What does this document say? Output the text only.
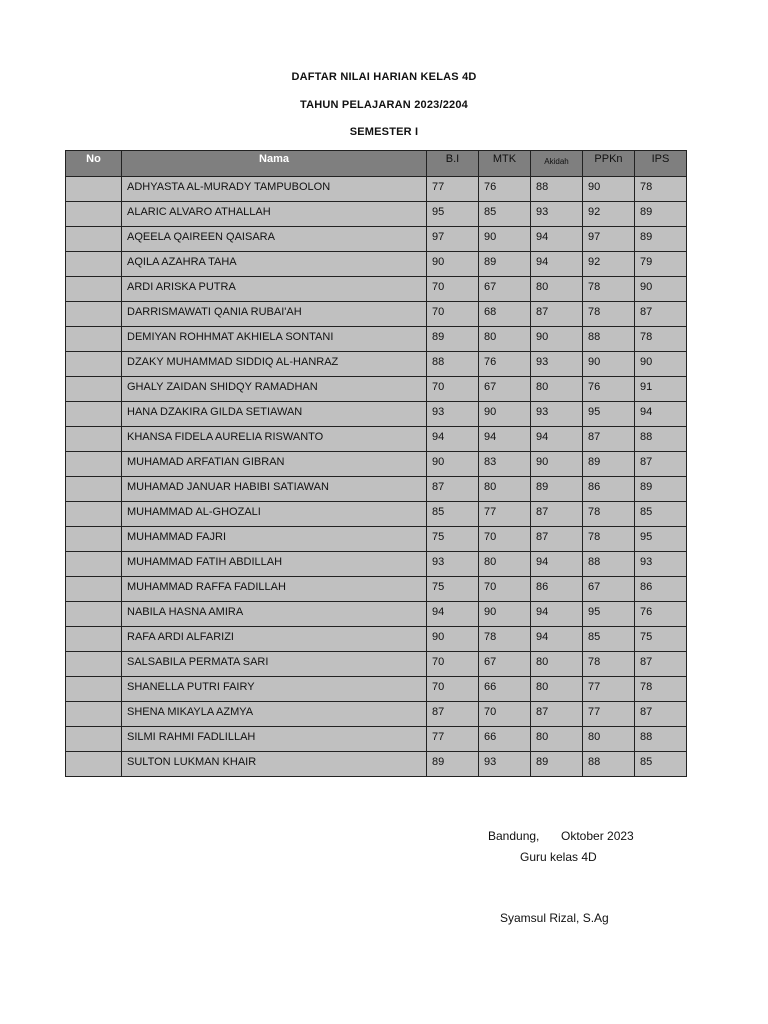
DAFTAR NILAI HARIAN KELAS 4D
TAHUN PELAJARAN 2023/2204
SEMESTER I
No	Nama	B.I	MTK	Akidah	PPKn	IPS
	ADHYASTA AL-MURADY TAMPUBOLON	77	76	88	90	78
	ALARIC ALVARO ATHALLAH	95	85	93	92	89
	AQEELA QAIREEN QAISARA	97	90	94	97	89
	AQILA AZAHRA TAHA	90	89	94	92	79
	ARDI ARISKA PUTRA	70	67	80	78	90
	DARRISMAWATI QANIA RUBAI'AH	70	68	87	78	87
	DEMIYAN ROHHMAT AKHIELA SONTANI	89	80	90	88	78
	DZAKY MUHAMMAD SIDDIQ AL-HANRAZ	88	76	93	90	90
	GHALY ZAIDAN SHIDQY RAMADHAN	70	67	80	76	91
	HANA DZAKIRA GILDA SETIAWAN	93	90	93	95	94
	KHANSA FIDELA AURELIA RISWANTO	94	94	94	87	88
	MUHAMAD ARFATIAN GIBRAN	90	83	90	89	87
	MUHAMAD JANUAR HABIBI SATIAWAN	87	80	89	86	89
	MUHAMMAD AL-GHOZALI	85	77	87	78	85
	MUHAMMAD FAJRI	75	70	87	78	95
	MUHAMMAD FATIH ABDILLAH	93	80	94	88	93
	MUHAMMAD RAFFA FADILLAH	75	70	86	67	86
	NABILA HASNA AMIRA	94	90	94	95	76
	RAFA ARDI ALFARIZI	90	78	94	85	75
	SALSABILA PERMATA SARI	70	67	80	78	87
	SHANELLA PUTRI FAIRY	70	66	80	77	78
	SHENA MIKAYLA AZMYA	87	70	87	77	87
	SILMI RAHMI FADLILLAH	77	66	80	80	88
	SULTON LUKMAN KHAIR	89	93	89	88	85
Bandung, Oktober 2023
Guru kelas 4D
Syamsul Rizal, S.Ag
